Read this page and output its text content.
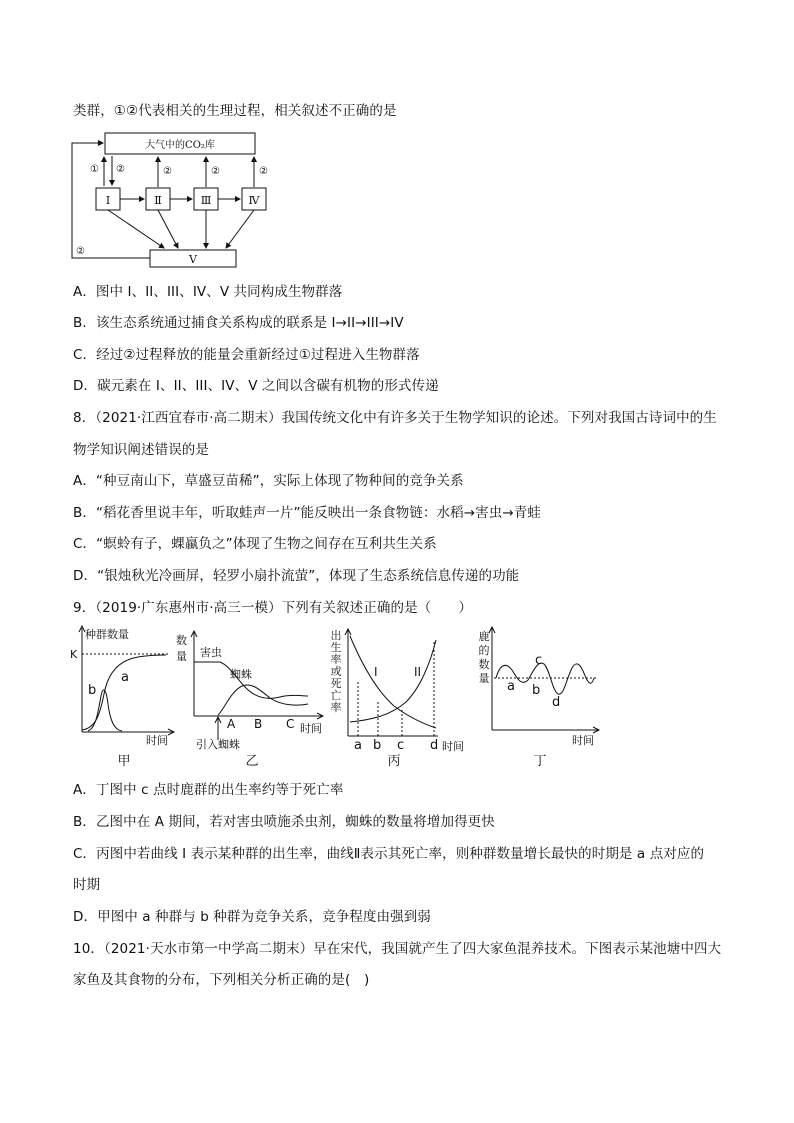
类群，①②代表相关的生理过程，相关叙述不正确的是
大气中的CO₂库
Ⅰ	Ⅱ	Ⅲ	Ⅳ
Ⅴ
① ②	②	②	②
②
A．图中 I、II、III、IV、V 共同构成生物群落
B．该生态系统通过捕食关系构成的联系是 I→II→III→IV
C．经过②过程释放的能量会重新经过①过程进入生物群落
D．碳元素在 I、II、III、IV、V 之间以含碳有机物的形式传递
8．（2021·江西宜春市·高二期末）我国传统文化中有许多关于生物学知识的论述。下列对我国古诗词中的生
物学知识阐述错误的是
A．“种豆南山下，草盛豆苗稀”，实际上体现了物种间的竞争关系
B．“稻花香里说丰年，听取蛙声一片”能反映出一条食物链：水稻→害虫→青蛙
C．“螟蛉有子，蜾蠃负之”体现了生物之间存在互利共生关系
D．“银烛秋光冷画屏，轻罗小扇扑流萤”，体现了生态系统信息传递的功能
9．（2019·广东惠州市·高三一模）下列有关叙述正确的是（　　）
种群数量
K
a
b
时间
甲
数
量 害虫
蜘蛛
A B C 时间
引入蜘蛛
乙
出
生
率
或
死
亡
率
I	II
a b c d 时间
丙
鹿
的
数
量
a b
c
d
时间
丁
A．丁图中 c 点时鹿群的出生率约等于死亡率
B．乙图中在 A 期间，若对害虫喷施杀虫剂，蜘蛛的数量将增加得更快
C．丙图中若曲线 I 表示某种群的出生率，曲线Ⅱ表示其死亡率，则种群数量增长最快的时期是 a 点对应的
时期
D．甲图中 a 种群与 b 种群为竞争关系，竞争程度由强到弱
10．（2021·天水市第一中学高二期末）早在宋代，我国就产生了四大家鱼混养技术。下图表示某池塘中四大
家鱼及其食物的分布，下列相关分析正确的是(　)
